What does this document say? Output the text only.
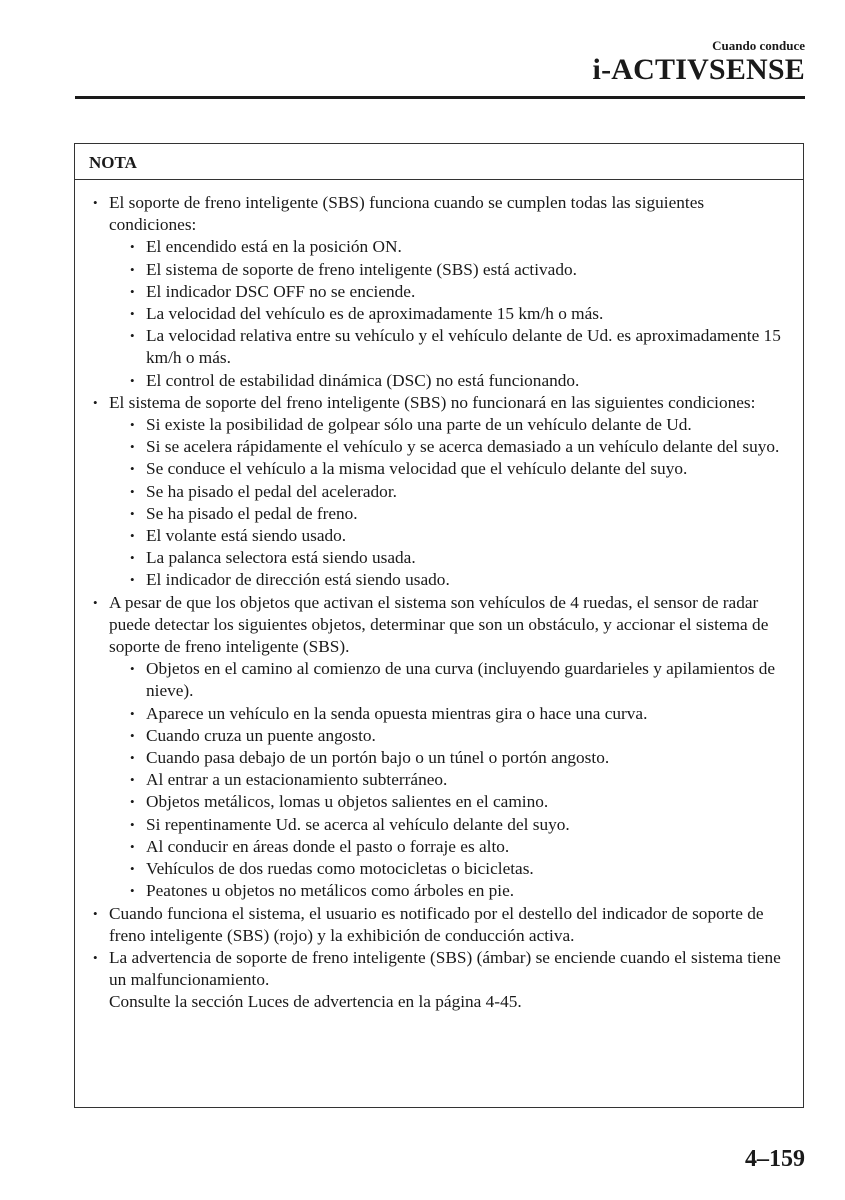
Cuando conduce
i-ACTIVSENSE
NOTA
• El soporte de freno inteligente (SBS) funciona cuando se cumplen todas las siguientes condiciones:
• El encendido está en la posición ON.
• El sistema de soporte de freno inteligente (SBS) está activado.
• El indicador DSC OFF no se enciende.
• La velocidad del vehículo es de aproximadamente 15 km/h o más.
• La velocidad relativa entre su vehículo y el vehículo delante de Ud. es aproximadamente 15 km/h o más.
• El control de estabilidad dinámica (DSC) no está funcionando.
• El sistema de soporte del freno inteligente (SBS) no funcionará en las siguientes condiciones:
• Si existe la posibilidad de golpear sólo una parte de un vehículo delante de Ud.
• Si se acelera rápidamente el vehículo y se acerca demasiado a un vehículo delante del suyo.
• Se conduce el vehículo a la misma velocidad que el vehículo delante del suyo.
• Se ha pisado el pedal del acelerador.
• Se ha pisado el pedal de freno.
• El volante está siendo usado.
• La palanca selectora está siendo usada.
• El indicador de dirección está siendo usado.
• A pesar de que los objetos que activan el sistema son vehículos de 4 ruedas, el sensor de radar puede detectar los siguientes objetos, determinar que son un obstáculo, y accionar el sistema de soporte de freno inteligente (SBS).
• Objetos en el camino al comienzo de una curva (incluyendo guardarieles y apilamientos de nieve).
• Aparece un vehículo en la senda opuesta mientras gira o hace una curva.
• Cuando cruza un puente angosto.
• Cuando pasa debajo de un portón bajo o un túnel o portón angosto.
• Al entrar a un estacionamiento subterráneo.
• Objetos metálicos, lomas u objetos salientes en el camino.
• Si repentinamente Ud. se acerca al vehículo delante del suyo.
• Al conducir en áreas donde el pasto o forraje es alto.
• Vehículos de dos ruedas como motocicletas o bicicletas.
• Peatones u objetos no metálicos como árboles en pie.
• Cuando funciona el sistema, el usuario es notificado por el destello del indicador de soporte de freno inteligente (SBS) (rojo) y la exhibición de conducción activa.
• La advertencia de soporte de freno inteligente (SBS) (ámbar) se enciende cuando el sistema tiene un malfuncionamiento.
Consulte la sección Luces de advertencia en la página 4-45.
4–159
